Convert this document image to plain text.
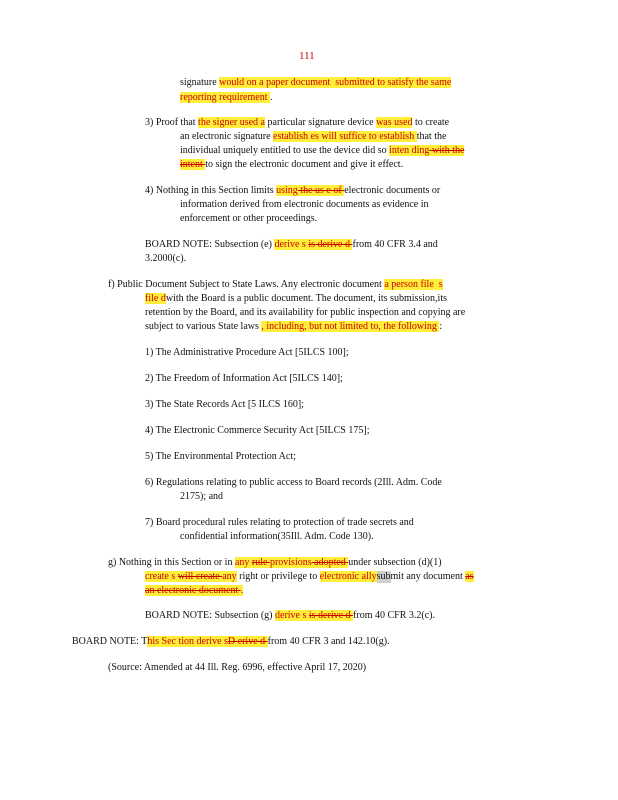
111
signature would on a paper document  submitted to satisfy the same
reporting requirement .
3) Proof that the signer used a particular signature device was used to create
an electronic signature establish es will suffice to establish that the
individual uniquely entitled to use the device did so inten ding with the
intent to sign the electronic document and give it effect.
4) Nothing in this Section limits using the us e of electronic documents or
information derived from electronic documents as evidence in
enforcement or other proceedings.
BOARD NOTE: Subsection (e) derive s is derive d from 40 CFR 3.4 and
3.2000(c).
f) Public Document Subject to State Laws. Any electronic document a person file  s
file dwith the Board is a public document. The document, its submission,its
retention by the Board, and its availability for public inspection and copying are
subject to various State laws , including, but not limited to, the following :
1) The Administrative Procedure Act [5ILCS 100];
2) The Freedom of Information Act [5ILCS 140];
3) The State Records Act [5 ILCS 160];
4) The Electronic Commerce Security Act [5ILCS 175];
5) The Environmental Protection Act;
6) Regulations relating to public access to Board records (2Ill. Adm. Code
2175); and
7) Board procedural rules relating to protection of trade secrets and
confidential information(35Ill. Adm. Code 130).
g) Nothing in this Section or in any rule provisions adopted under subsection (d)(1)
create s will create any right or privilege to electronic allysubmit any document as
an electronic document .
BOARD NOTE: Subsection (g) derive s is derive d from 40 CFR 3.2(c).
BOARD NOTE: This Sec tion derive sD erive d from 40 CFR 3 and 142.10(g).
(Source: Amended at 44 Ill. Reg. 6996, effective April 17, 2020)
